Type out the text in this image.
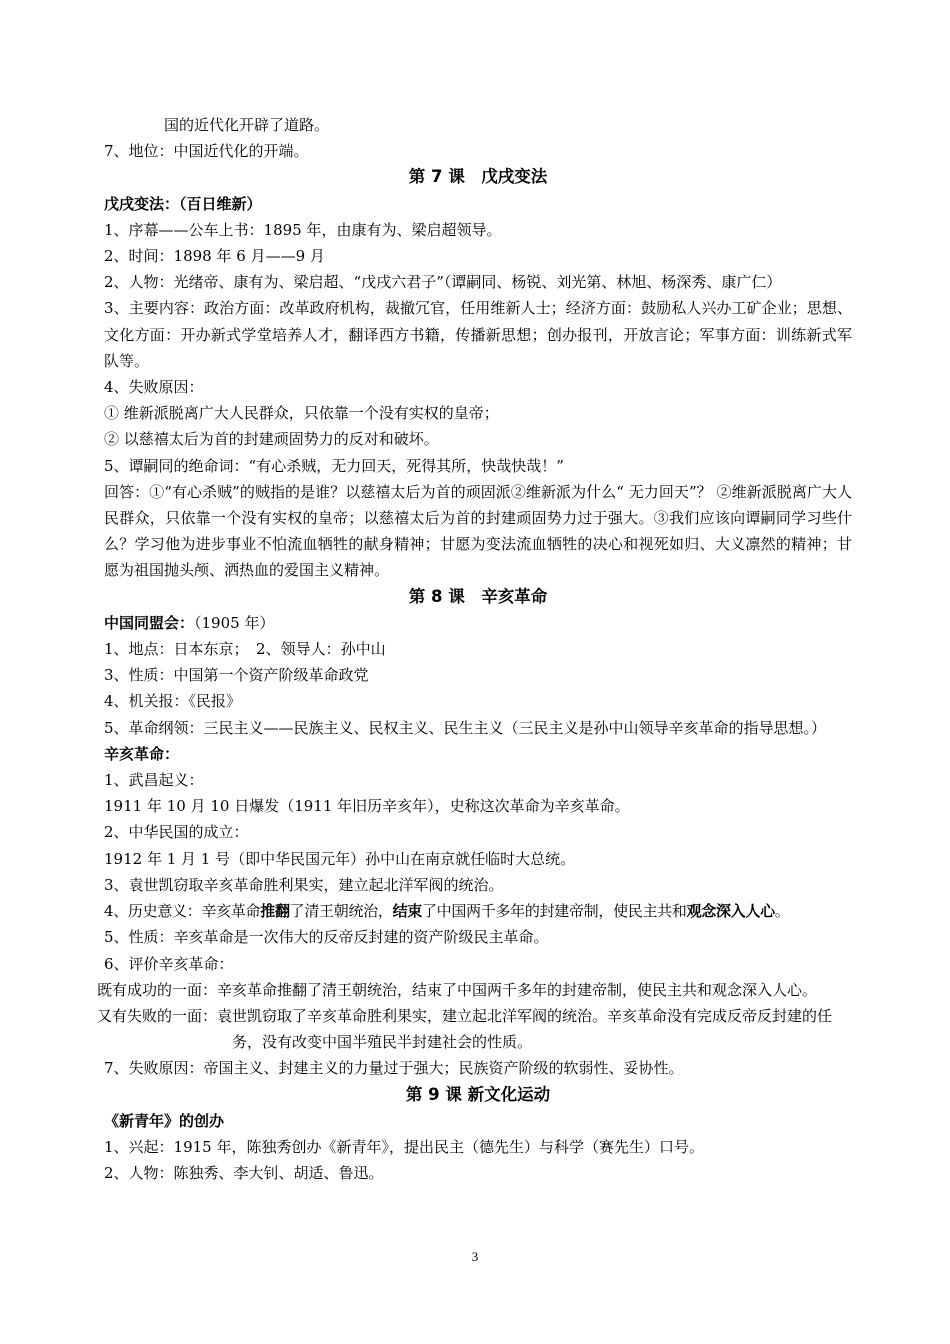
国的近代化开辟了道路。
7、地位：中国近代化的开端。
第 7 课　戊戌变法
戊戌变法：（百日维新）
1、序幕——公车上书：1895 年，由康有为、梁启超领导。
2、时间：1898 年 6 月——9 月
2、人物：光绪帝、康有为、梁启超、“戊戌六君子”（谭嗣同、杨锐、刘光第、林旭、杨深秀、康广仁）
3、主要内容：政治方面：改革政府机构，裁撤冗官，任用维新人士；经济方面：鼓励私人兴办工矿企业；思想、文化方面：开办新式学堂培养人才，翻译西方书籍，传播新思想；创办报刊，开放言论；军事方面：训练新式军队等。
4、失败原因：
① 维新派脱离广大人民群众，只依靠一个没有实权的皇帝；
② 以慈禧太后为首的封建顽固势力的反对和破坏。
5、谭嗣同的绝命词：“有心杀贼，无力回天，死得其所，快哉快哉！”
回答：①“有心杀贼”的贼指的是谁？以慈禧太后为首的顽固派②维新派为什么“ 无力回天”？ ②维新派脱离广大人民群众，只依靠一个没有实权的皇帝；以慈禧太后为首的封建顽固势力过于强大。③我们应该向谭嗣同学习些什么？学习他为进步事业不怕流血牺牲的献身精神；甘愿为变法流血牺牲的决心和视死如归、大义凛然的精神；甘愿为祖国抛头颅、洒热血的爱国主义精神。
第 8 课　辛亥革命
中国同盟会：（1905 年）
1、地点：日本东京；　2、领导人：孙中山
3、性质：中国第一个资产阶级革命政党
4、机关报：《民报》
5、革命纲领：三民主义——民族主义、民权主义、民生主义（三民主义是孙中山领导辛亥革命的指导思想。）
辛亥革命：
1、武昌起义：
1911 年 10 月 10 日爆发（1911 年旧历辛亥年），史称这次革命为辛亥革命。
2、中华民国的成立：
1912 年 1 月 1 号（即中华民国元年）孙中山在南京就任临时大总统。
3、袁世凯窃取辛亥革命胜利果实，建立起北洋军阀的统治。
4、历史意义：辛亥革命推翻了清王朝统治，结束了中国两千多年的封建帝制，使民主共和观念深入人心。
5、性质：辛亥革命是一次伟大的反帝反封建的资产阶级民主革命。
6、评价辛亥革命：
既有成功的一面：辛亥革命推翻了清王朝统治，结束了中国两千多年的封建帝制，使民主共和观念深入人心。
又有失败的一面：袁世凯窃取了辛亥革命胜利果实，建立起北洋军阀的统治。辛亥革命没有完成反帝反封建的任务，没有改变中国半殖民半封建社会的性质。
7、失败原因：帝国主义、封建主义的力量过于强大；民族资产阶级的软弱性、妥协性。
第 9 课 新文化运动
《新青年》的创办
1、兴起：1915 年，陈独秀创办《新青年》，提出民主（德先生）与科学（赛先生）口号。
2、人物：陈独秀、李大钊、胡适、鲁迅。
3
